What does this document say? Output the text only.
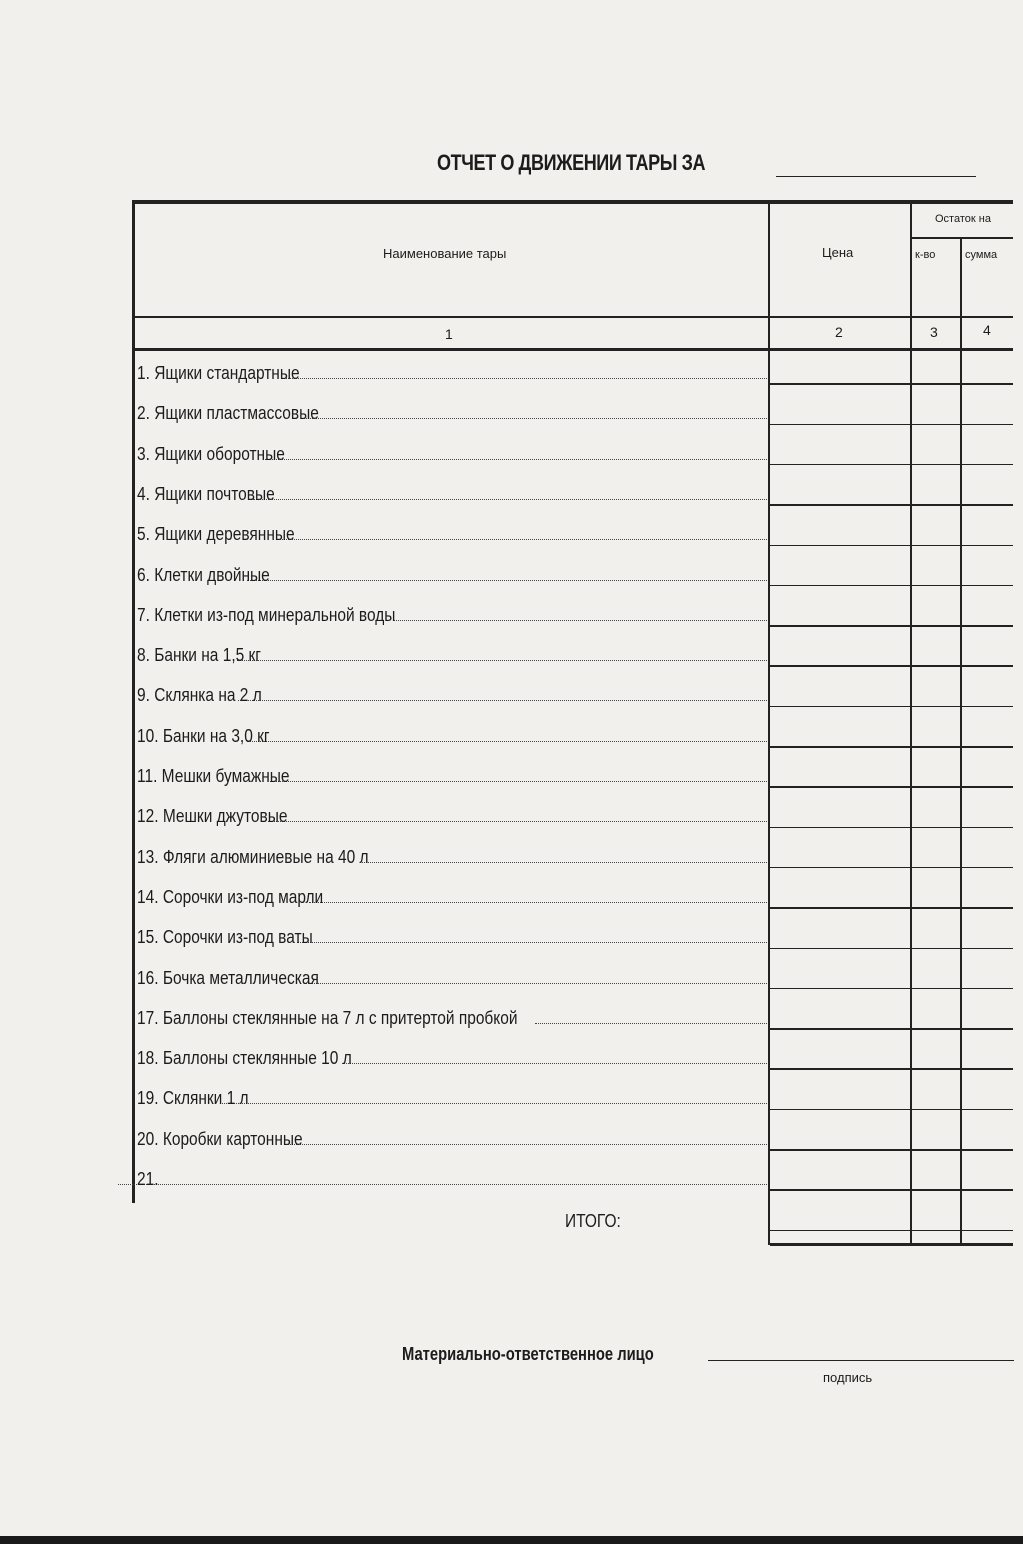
ОТЧЕТ О ДВИЖЕНИИ ТАРЫ ЗА
Наименование тары	Цена
Остаток на
к-во	сумма
1	2	3	4
1. Ящики стандартные
2. Ящики пластмассовые
3. Ящики оборотные
4. Ящики почтовые
5. Ящики деревянные
6. Клетки двойные
7. Клетки из-под минеральной воды
8. Банки на 1,5 кг
9. Склянка на 2 л
10. Банки на 3,0 кг
11. Мешки бумажные
12. Мешки джутовые
13. Фляги алюминиевые на 40 л
14. Сорочки из-под марли
15. Сорочки из-под ваты
16. Бочка металлическая
17. Баллоны стеклянные на 7 л с притертой пробкой
18. Баллоны стеклянные 10 л
19. Склянки 1 л
20. Коробки картонные
21.
ИТОГО:
Материально-ответственное лицо
подпись
